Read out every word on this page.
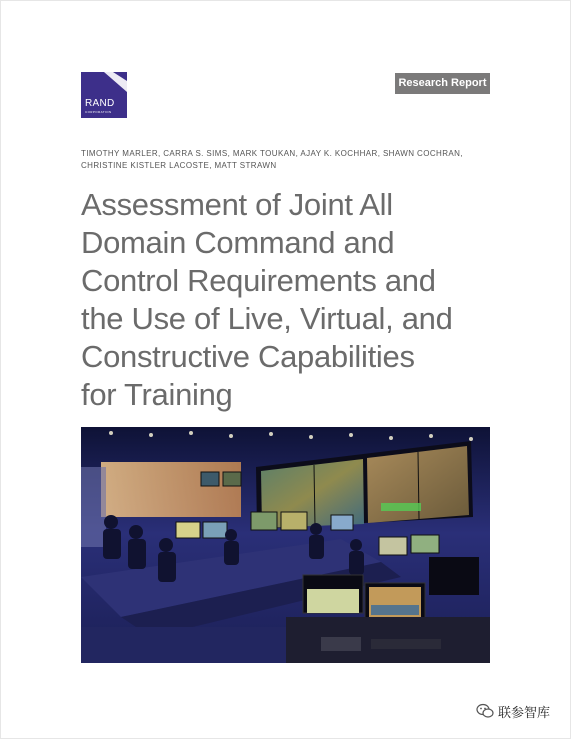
RAND
CORPORATION
Research Report
TIMOTHY MARLER, CARRA S. SIMS, MARK TOUKAN, AJAY K. KOCHHAR, SHAWN COCHRAN,
CHRISTINE KISTLER LACOSTE, MATT STRAWN
Assessment of Joint All
Domain Command and
Control Requirements and
the Use of Live, Virtual, and
Constructive Capabilities
for Training
联参智库
